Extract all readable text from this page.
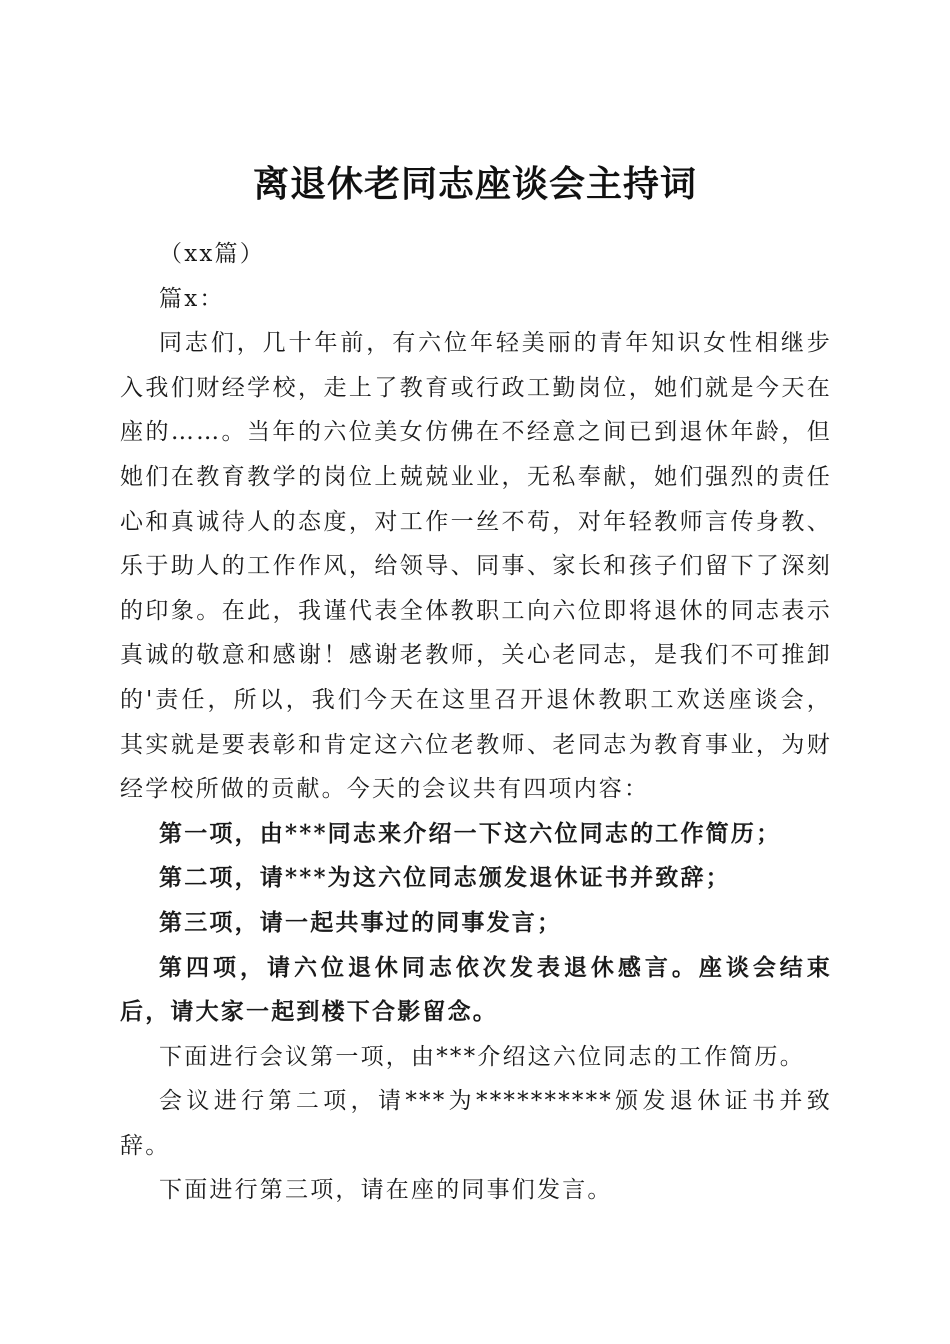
离退休老同志座谈会主持词

（xx篇）

篇x：

同志们，几十年前，有六位年轻美丽的青年知识女性相继步入我们财经学校，走上了教育或行政工勤岗位，她们就是今天在座的……。当年的六位美女仿佛在不经意之间已到退休年龄，但她们在教育教学的岗位上兢兢业业，无私奉献，她们强烈的责任心和真诚待人的态度，对工作一丝不苟，对年轻教师言传身教、乐于助人的工作作风，给领导、同事、家长和孩子们留下了深刻的印象。在此，我谨代表全体教职工向六位即将退休的同志表示真诚的敬意和感谢！感谢老教师，关心老同志，是我们不可推卸的'责任，所以，我们今天在这里召开退休教职工欢送座谈会，其实就是要表彰和肯定这六位老教师、老同志为教育事业，为财经学校所做的贡献。今天的会议共有四项内容：

第一项，由***同志来介绍一下这六位同志的工作简历；

第二项，请***为这六位同志颁发退休证书并致辞；

第三项，请一起共事过的同事发言；

第四项，请六位退休同志依次发表退休感言。座谈会结束后，请大家一起到楼下合影留念。

下面进行会议第一项，由***介绍这六位同志的工作简历。

会议进行第二项，请***为**********颁发退休证书并致辞。

下面进行第三项，请在座的同事们发言。
